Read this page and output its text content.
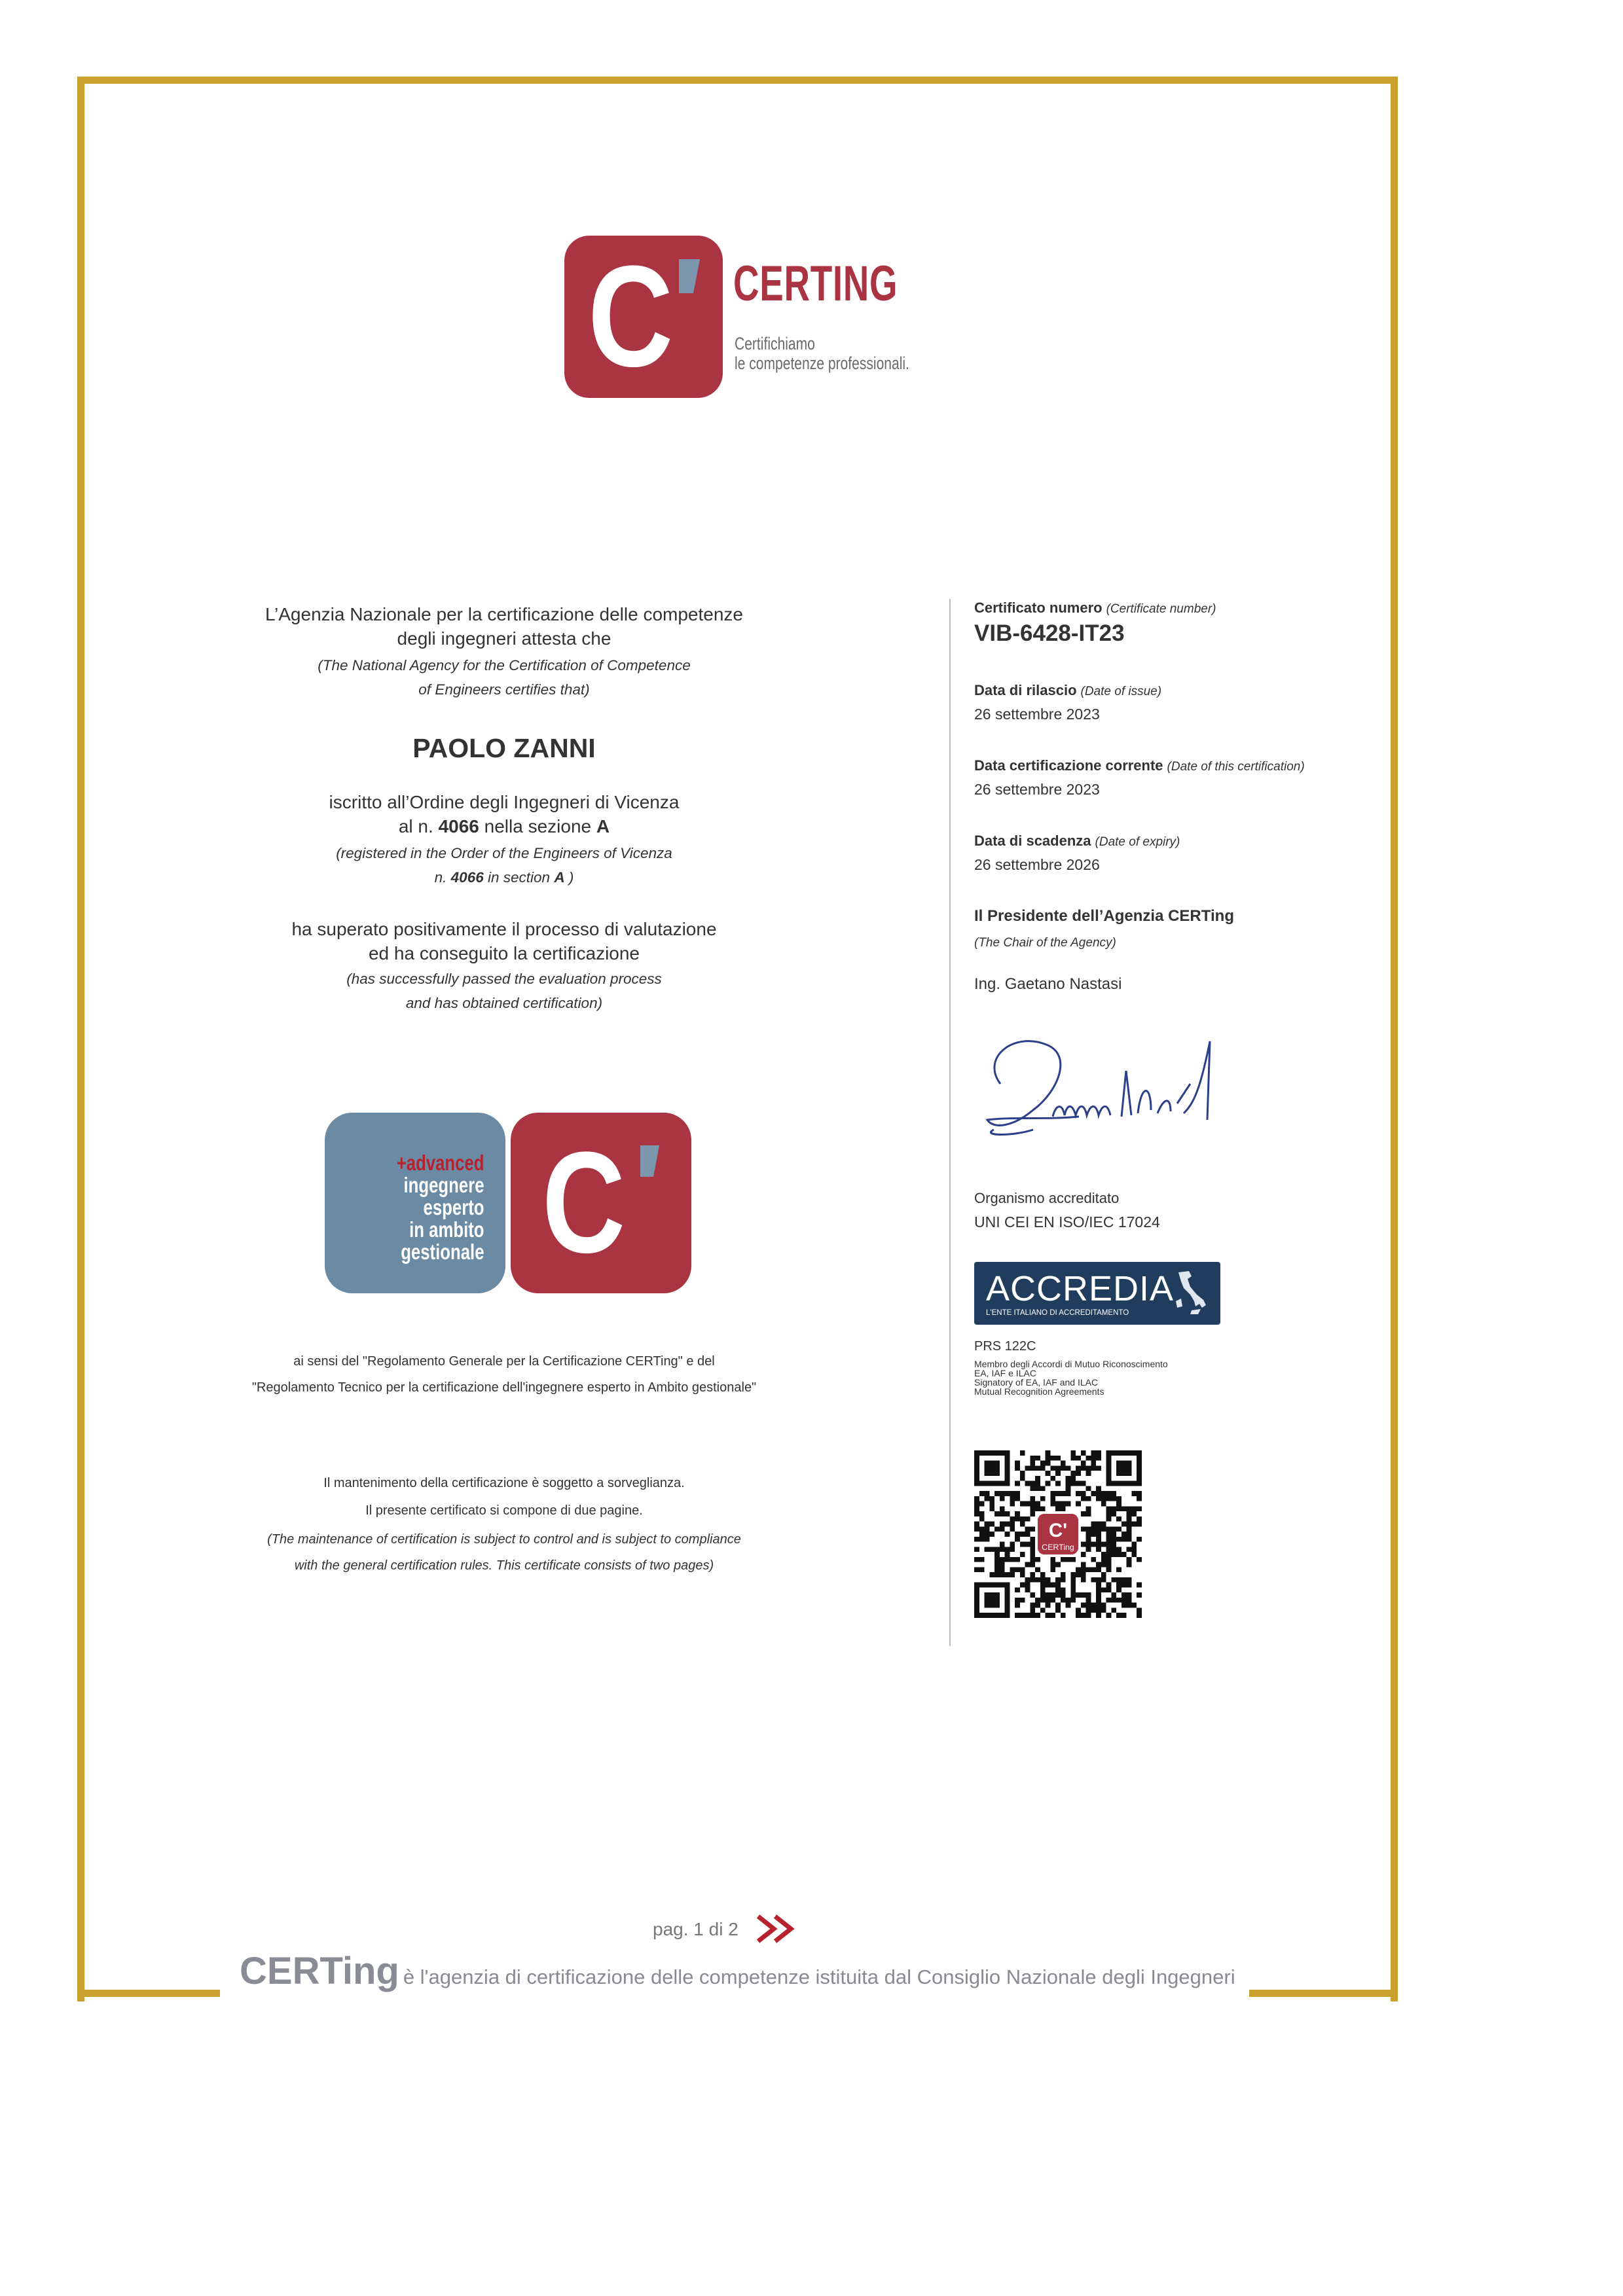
C CERTING
Certifichiamo
le competenze professionali.

L’Agenzia Nazionale per la certificazione delle competenze

degli ingegneri attesta che

(The National Agency for the Certification of Competence

of Engineers certifies that)

PAOLO ZANNI

iscritto all’Ordine degli Ingegneri di Vicenza

al n. 4066 nella sezione A

(registered in the Order of the Engineers of Vicenza

n. 4066 in section A )

ha superato positivamente il processo di valutazione

ed ha conseguito la certificazione

(has successfully passed the evaluation process

and has obtained certification)

+advanced
ingegnere
esperto
in ambito
gestionale C

ai sensi del "Regolamento Generale per la Certificazione CERTing" e del

"Regolamento Tecnico per la certificazione dell'ingegnere esperto in Ambito gestionale"

Il mantenimento della certificazione è soggetto a sorveglianza.

Il presente certificato si compone di due pagine.

(The maintenance of certification is subject to control and is subject to compliance

with the general certification rules. This certificate consists of two pages)

Certificato numero (Certificate number)
VIB-6428-IT23
Data di rilascio (Date of issue)
26 settembre 2023
Data certificazione corrente (Date of this certification)
26 settembre 2023
Data di scadenza (Date of expiry)
26 settembre 2026
Il Presidente dell’Agenzia CERTing
(The Chair of the Agency)
Ing. Gaetano Nastasi
Organismo accreditato
UNI CEI EN ISO/IEC 17024
ACCREDIA
L'ENTE ITALIANO DI ACCREDITAMENTO
PRS 122C
Membro degli Accordi di Mutuo Riconoscimento
EA, IAF e ILAC
Signatory of EA, IAF and ILAC
Mutual Recognition Agreements
C'
CERTing
pag. 1 di 2
CERTing è l'agenzia di certificazione delle competenze istituita dal Consiglio Nazionale degli Ingegneri
